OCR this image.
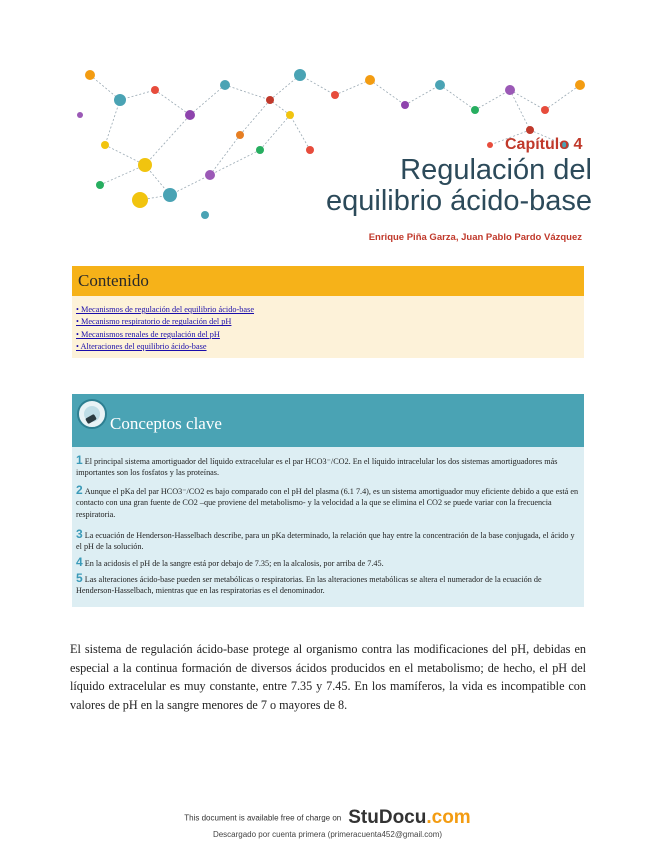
Capítulo 4
Regulación del
equilibrio ácido-base
Enrique Piña Garza, Juan Pablo Pardo Vázquez
Contenido
• Mecanismos de regulación del equilibrio ácido-base
• Mecanismo respiratorio de regulación del pH
• Mecanismos renales de regulación del pH
• Alteraciones del equilibrio ácido-base
Conceptos clave
1 El principal sistema amortiguador del líquido extracelular es el par HCO3⁻/CO2. En el líquido intracelular los dos sistemas amortiguadores más importantes son los fosfatos y las proteínas.
2 Aunque el pKa del par HCO3⁻/CO2 es bajo comparado con el pH del plasma (6.1 7.4), es un sistema amortiguador muy eficiente debido a que está en contacto con una gran fuente de CO2 –que proviene del metabolismo- y la velocidad a la que se elimina el CO2 se puede variar con la frecuencia respiratoria.
3 La ecuación de Henderson-Hasselbach describe, para un pKa determinado, la relación que hay entre la concentración de la base conjugada, el ácido y el pH de la solución.
4 En la acidosis el pH de la sangre está por debajo de 7.35; en la alcalosis, por arriba de 7.45.
5 Las alteraciones ácido-base pueden ser metabólicas o respiratorias. En las alteraciones metabólicas se altera el numerador de la ecuación de Henderson-Hasselbach, mientras que en las respiratorias es el denominador.
El sistema de regulación ácido-base protege al organismo contra las modificaciones del pH, debidas en especial a la continua formación de diversos ácidos producidos en el metabolismo; de hecho, el pH del líquido extracelular es muy constante, entre 7.35 y 7.45. En los mamíferos, la vida es incompatible con valores de pH en la sangre menores de 7 o mayores de 8.
This document is available free of charge on StuDocu.com
Descargado por cuenta primera (primeracuenta452@gmail.com)
